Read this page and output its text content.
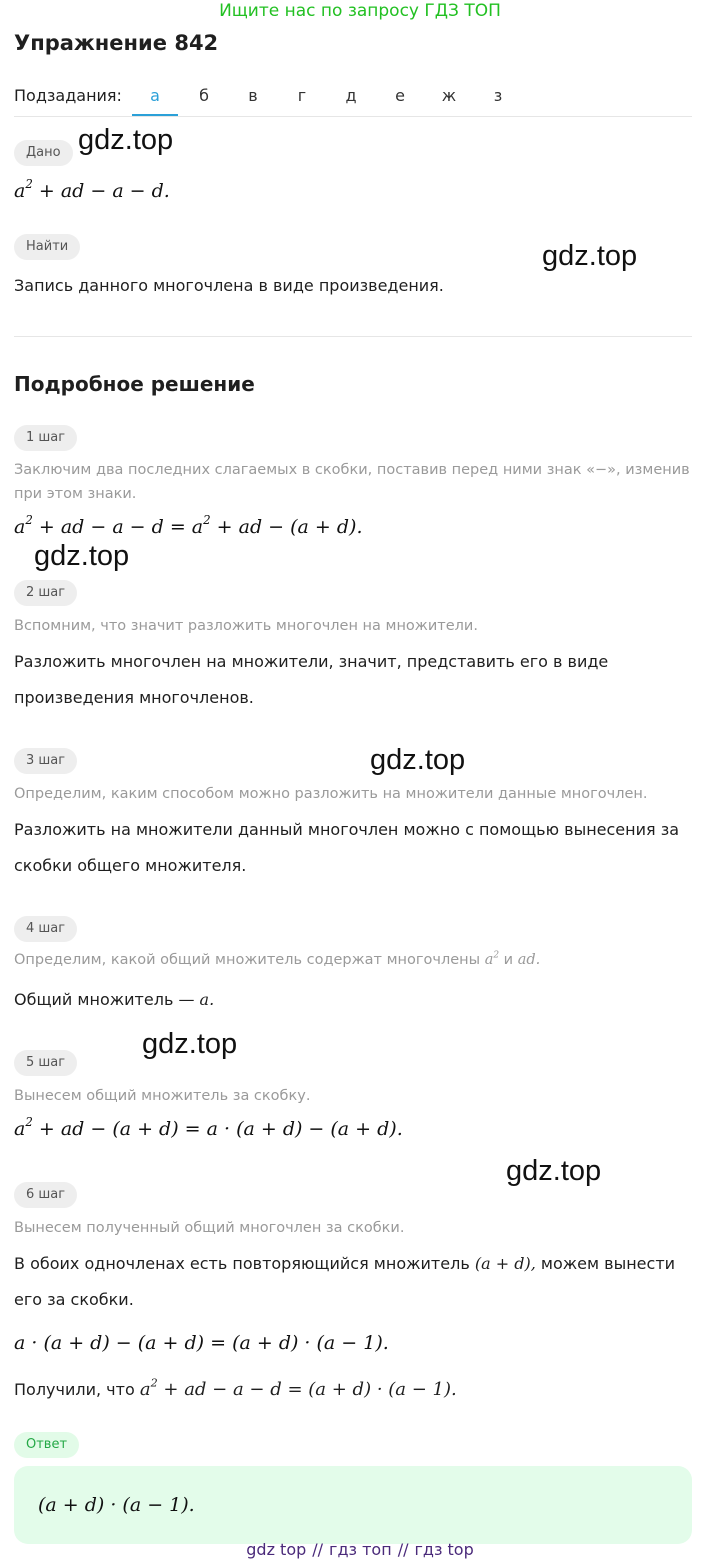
Ищите нас по запросу ГДЗ ТОП
Упражнение 842
Подзадания:	а	б	в	г	д	е	ж	з
Дано gdz.top
$a^2$ + ad − a − d.
Найти	gdz.top
Запись данного многочлена в виде произведения.
Подробное решение
1 шаг
Заключим два последних слагаемых в скобки, поставив перед ними знак «−», изменив при этом знаки.
$a^2$ + ad − $a - d = a^2$ + ad − (a + d).
gdz.top
2 шаг
Вспомним, что значит разложить многочлен на множители.
Разложить многочлен на множители, значит, представить его в виде произведения многочленов.
3 шаг	gdz.top
Определим, каким способом можно разложить на множители данные многочлен.
Разложить на множители данный многочлен можно с помощью вынесения за скобки общего множителя.
4 шаг
Определим, какой общий множитель содержат многочлены $a^2$ и ad.
Общий множитель — a.
5 шаг
gdz.top
Вынесем общий множитель за скобку.
$a^2$ + ad − (a + d) = a · (a + d) − (a + d).
gdz.top
6 шаг
Вынесем полученный общий многочлен за скобки.
В обоих одночленах есть повторяющийся множитель (a + d), можем вынести
его за скобки.
a · (a + d) − (a + d) = (a + d) · (a − 1).
Получили, что $a^2$ + ad − a − d = (a + d) · (a − 1).
Ответ
(a + d) · (a − 1).
gdz top // гдз топ // гдз top
